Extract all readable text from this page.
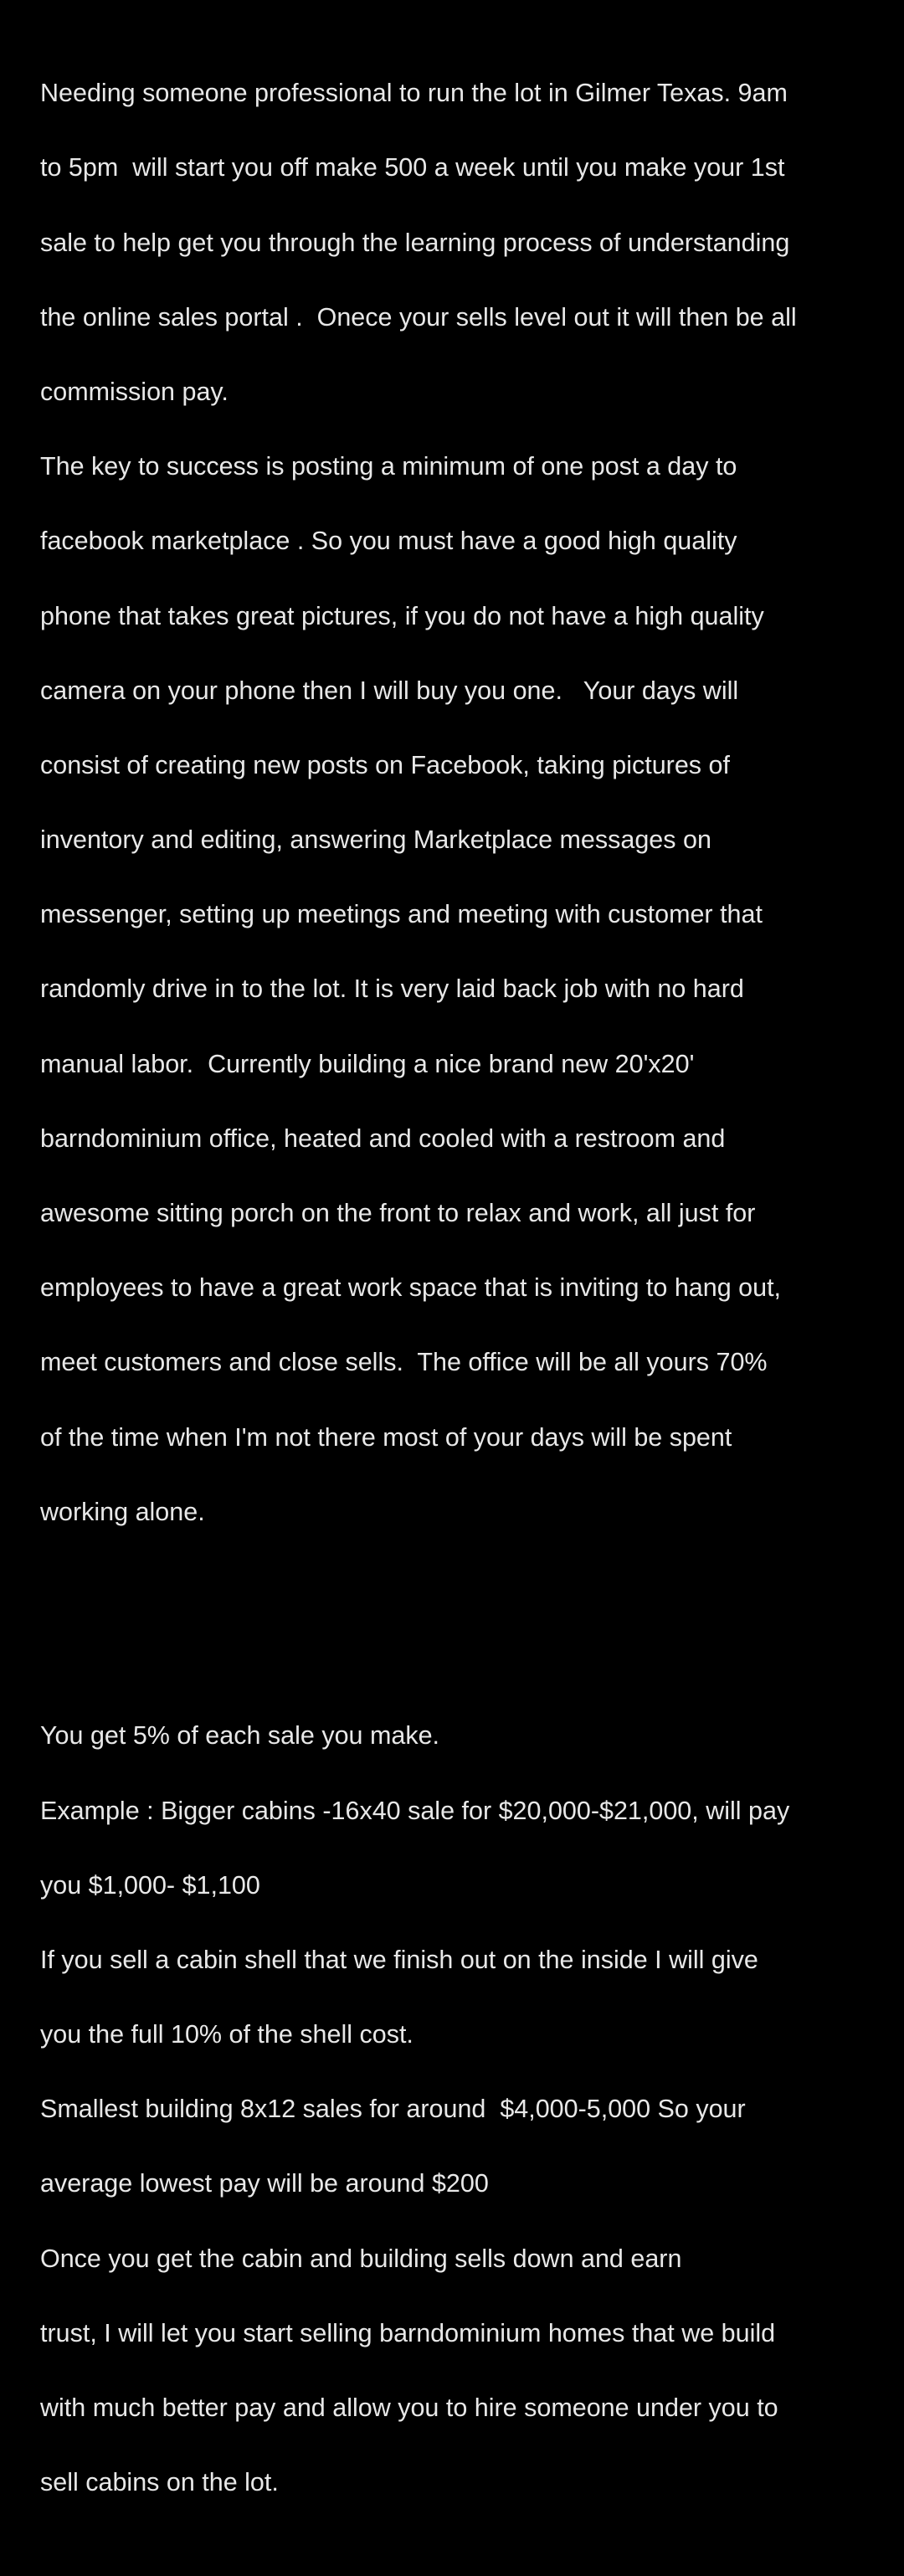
Needing someone professional to run the lot in Gilmer Texas. 9am

to 5pm  will start you off make 500 a week until you make your 1st

sale to help get you through the learning process of understanding

the online sales portal .  Onece your sells level out it will then be all

commission pay.

The key to success is posting a minimum of one post a day to

facebook marketplace . So you must have a good high quality

phone that takes great pictures, if you do not have a high quality

camera on your phone then I will buy you one.   Your days will

consist of creating new posts on Facebook, taking pictures of

inventory and editing, answering Marketplace messages on

messenger, setting up meetings and meeting with customer that

randomly drive in to the lot. It is very laid back job with no hard

manual labor.  Currently building a nice brand new 20'x20'

barndominium office, heated and cooled with a restroom and

awesome sitting porch on the front to relax and work, all just for

employees to have a great work space that is inviting to hang out,

meet customers and close sells.  The office will be all yours 70%

of the time when I'm not there most of your days will be spent

working alone.

You get 5% of each sale you make.

Example : Bigger cabins -16x40 sale for $20,000-$21,000, will pay

you $1,000- $1,100

If you sell a cabin shell that we finish out on the inside I will give

you the full 10% of the shell cost.

Smallest building 8x12 sales for around  $4,000-5,000 So your

average lowest pay will be around $200

Once you get the cabin and building sells down and earn

trust, I will let you start selling barndominium homes that we build

with much better pay and allow you to hire someone under you to

sell cabins on the lot.
